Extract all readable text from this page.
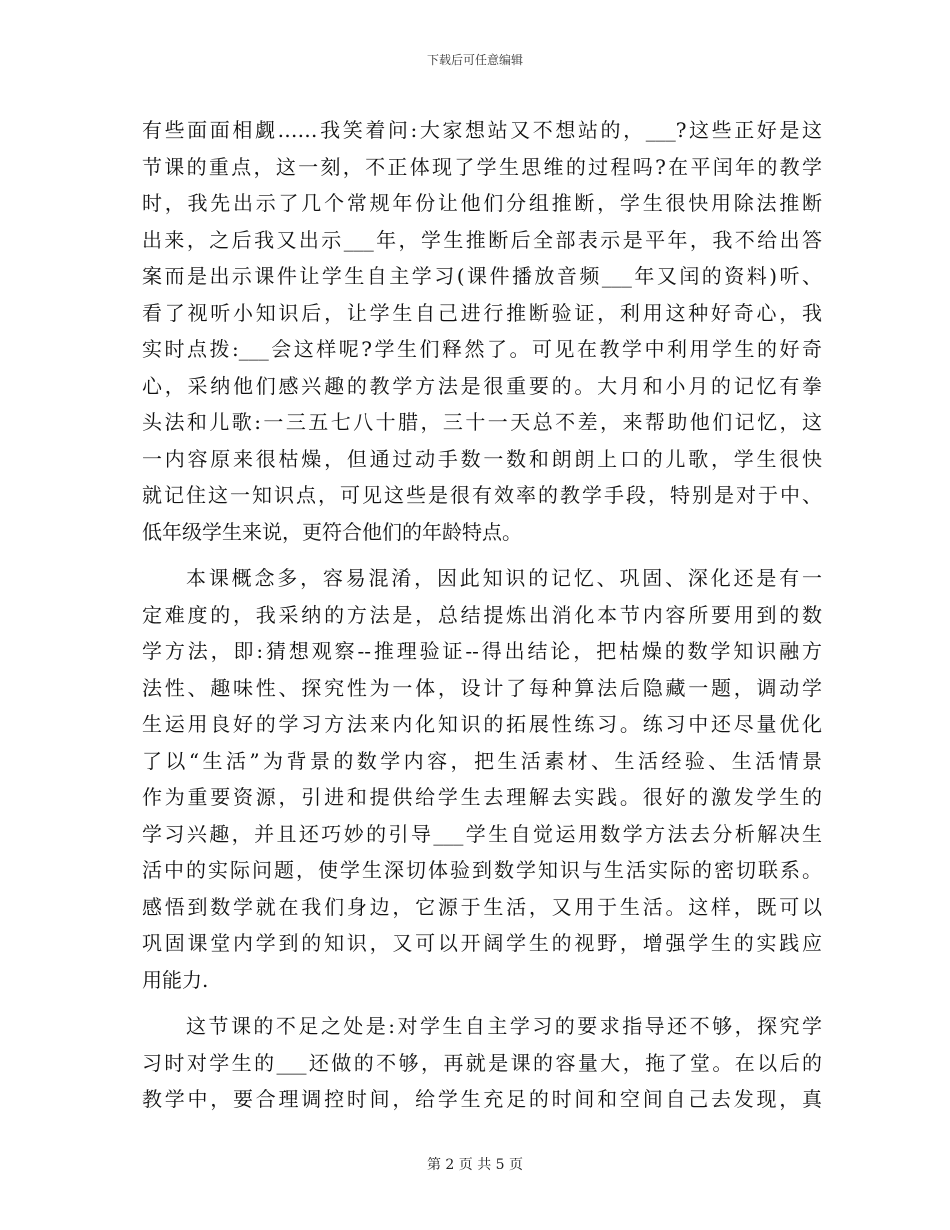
下载后可任意编辑
有些面面相觑……我笑着问:大家想站又不想站的，___?这些正好是这
节课的重点，这一刻，不正体现了学生思维的过程吗?在平闰年的教学
时，我先出示了几个常规年份让他们分组推断，学生很快用除法推断
出来，之后我又出示___年，学生推断后全部表示是平年，我不给出答
案而是出示课件让学生自主学习(课件播放音频___年又闰的资料)听、
看了视听小知识后，让学生自己进行推断验证，利用这种好奇心，我
实时点拨:___会这样呢?学生们释然了。可见在教学中利用学生的好奇
心，采纳他们感兴趣的教学方法是很重要的。大月和小月的记忆有拳
头法和儿歌:一三五七八十腊，三十一天总不差，来帮助他们记忆，这
一内容原来很枯燥，但通过动手数一数和朗朗上口的儿歌，学生很快
就记住这一知识点，可见这些是很有效率的教学手段，特别是对于中、
低年级学生来说，更符合他们的年龄特点。
本课概念多，容易混淆，因此知识的记忆、巩固、深化还是有一
定难度的，我采纳的方法是，总结提炼出消化本节内容所要用到的数
学方法，即:猜想观察--推理验证--得出结论，把枯燥的数学知识融方
法性、趣味性、探究性为一体，设计了每种算法后隐藏一题，调动学
生运用良好的学习方法来内化知识的拓展性练习。练习中还尽量优化
了以“生活”为背景的数学内容，把生活素材、生活经验、生活情景
作为重要资源，引进和提供给学生去理解去实践。很好的激发学生的
学习兴趣，并且还巧妙的引导___学生自觉运用数学方法去分析解决生
活中的实际问题，使学生深切体验到数学知识与生活实际的密切联系。
感悟到数学就在我们身边，它源于生活，又用于生活。这样，既可以
巩固课堂内学到的知识，又可以开阔学生的视野，增强学生的实践应
用能力.
这节课的不足之处是:对学生自主学习的要求指导还不够，探究学
习时对学生的___还做的不够，再就是课的容量大，拖了堂。在以后的
教学中，要合理调控时间，给学生充足的时间和空间自己去发现，真
第 2 页 共 5 页
